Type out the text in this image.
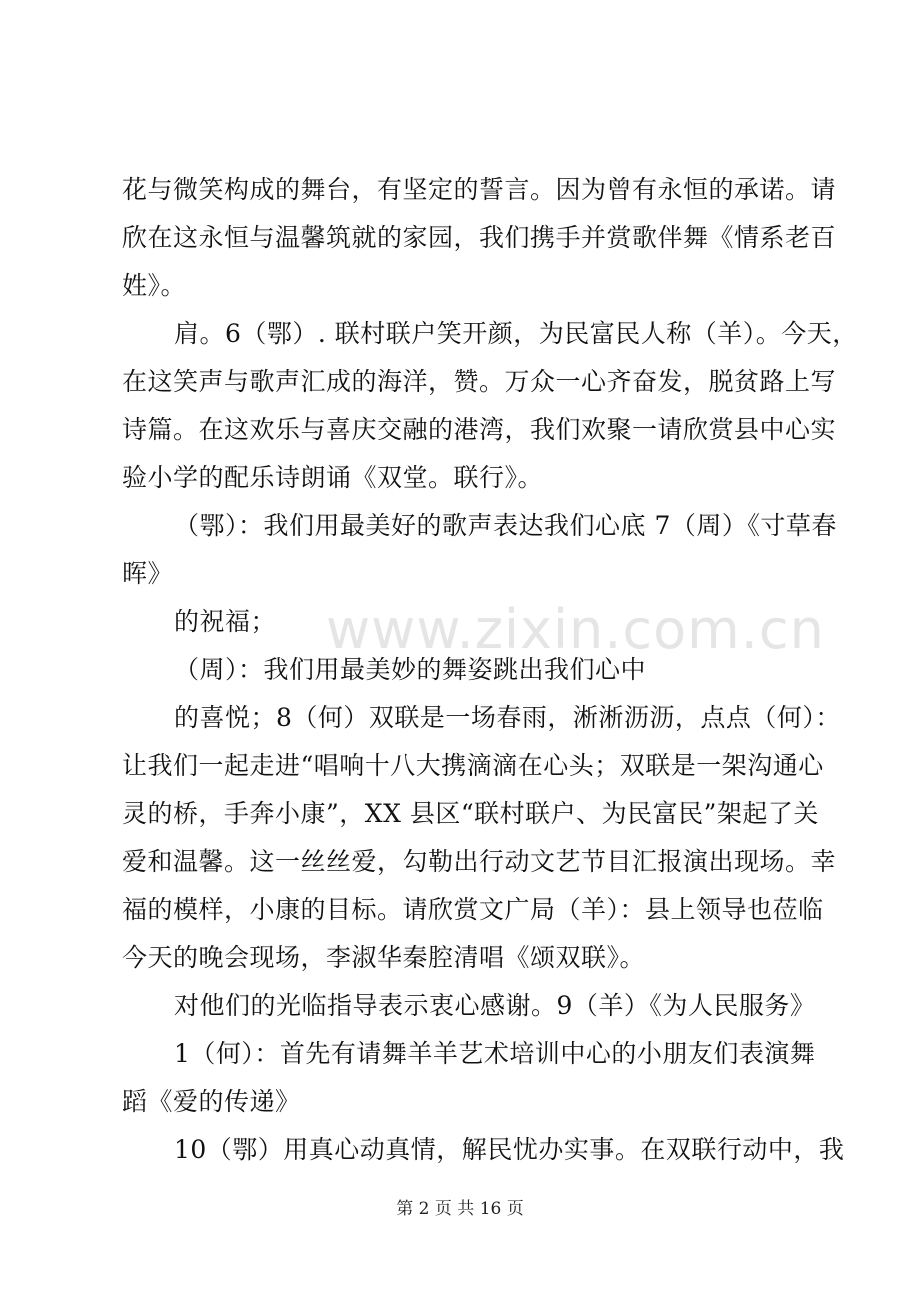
花与微笑构成的舞台，有坚定的誓言。因为曾有永恒的承诺。请
欣在这永恒与温馨筑就的家园，我们携手并赏歌伴舞《情系老百
姓》。
肩。6（鄂）. 联村联户笑开颜，为民富民人称（羊）。今天，
在这笑声与歌声汇成的海洋，赞。万众一心齐奋发，脱贫路上写
诗篇。在这欢乐与喜庆交融的港湾，我们欢聚一请欣赏县中心实
验小学的配乐诗朗诵《双堂。联行》。
（鄂）：我们用最美好的歌声表达我们心底 7（周）《寸草春
晖》
的祝福；
（周）：我们用最美妙的舞姿跳出我们心中
的喜悦；8（何）双联是一场春雨，淅淅沥沥，点点（何）：
让我们一起走进“唱响十八大携滴滴在心头；双联是一架沟通心
灵的桥，手奔小康”，XX 县区“联村联户、为民富民”架起了关
爱和温馨。这一丝丝爱，勾勒出行动文艺节目汇报演出现场。幸
福的模样，小康的目标。请欣赏文广局（羊）：县上领导也莅临
今天的晚会现场，李淑华秦腔清唱《颂双联》。
对他们的光临指导表示衷心感谢。9（羊）《为人民服务》
1（何）：首先有请舞羊羊艺术培训中心的小朋友们表演舞
蹈《爱的传递》
10（鄂）用真心动真情，解民忧办实事。在双联行动中，我
www.zixin.com.cn
第 2 页 共 16 页
